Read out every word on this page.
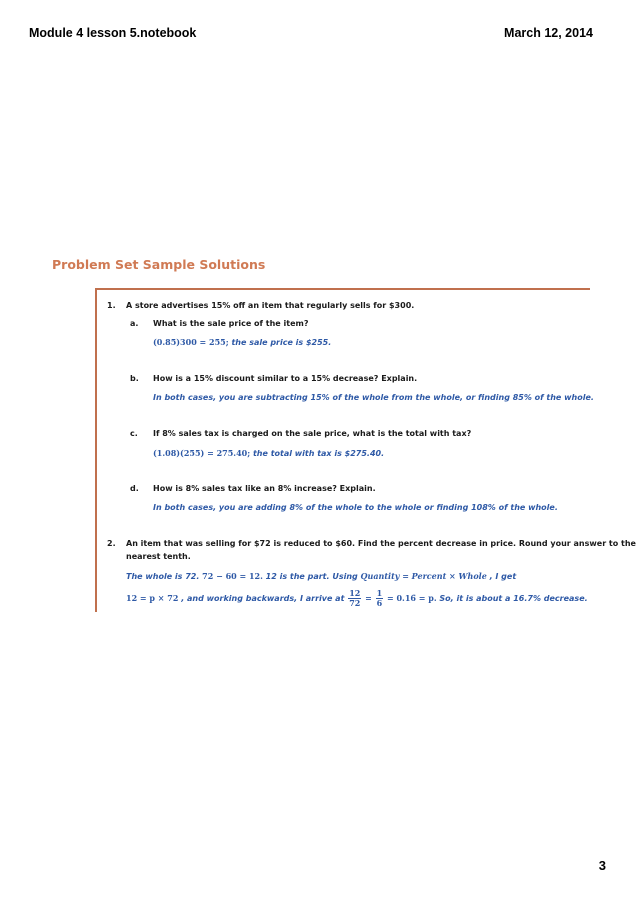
Module 4 lesson 5.notebook	March 12, 2014
Problem Set Sample Solutions
1. A store advertises 15% off an item that regularly sells for $300.
a. What is the sale price of the item?
(0.85)300 = 255; the sale price is $255.
b. How is a 15% discount similar to a 15% decrease? Explain.
In both cases, you are subtracting 15% of the whole from the whole, or finding 85% of the whole.
c. If 8% sales tax is charged on the sale price, what is the total with tax?
(1.08)(255) = 275.40; the total with tax is $275.40.
d. How is 8% sales tax like an 8% increase? Explain.
In both cases, you are adding 8% of the whole to the whole or finding 108% of the whole.
2. An item that was selling for $72 is reduced to $60. Find the percent decrease in price. Round your answer to the
nearest tenth.
The whole is 72. 72 − 60 = 12. 12 is the part. Using Quantity = Percent × Whole , I get
12 = p × 72 , and working backwards, I arrive at $\frac{12}{72} = \frac{1}{6}$ = 0.16̄ = p. So, it is about a 16.7% decrease.
3
